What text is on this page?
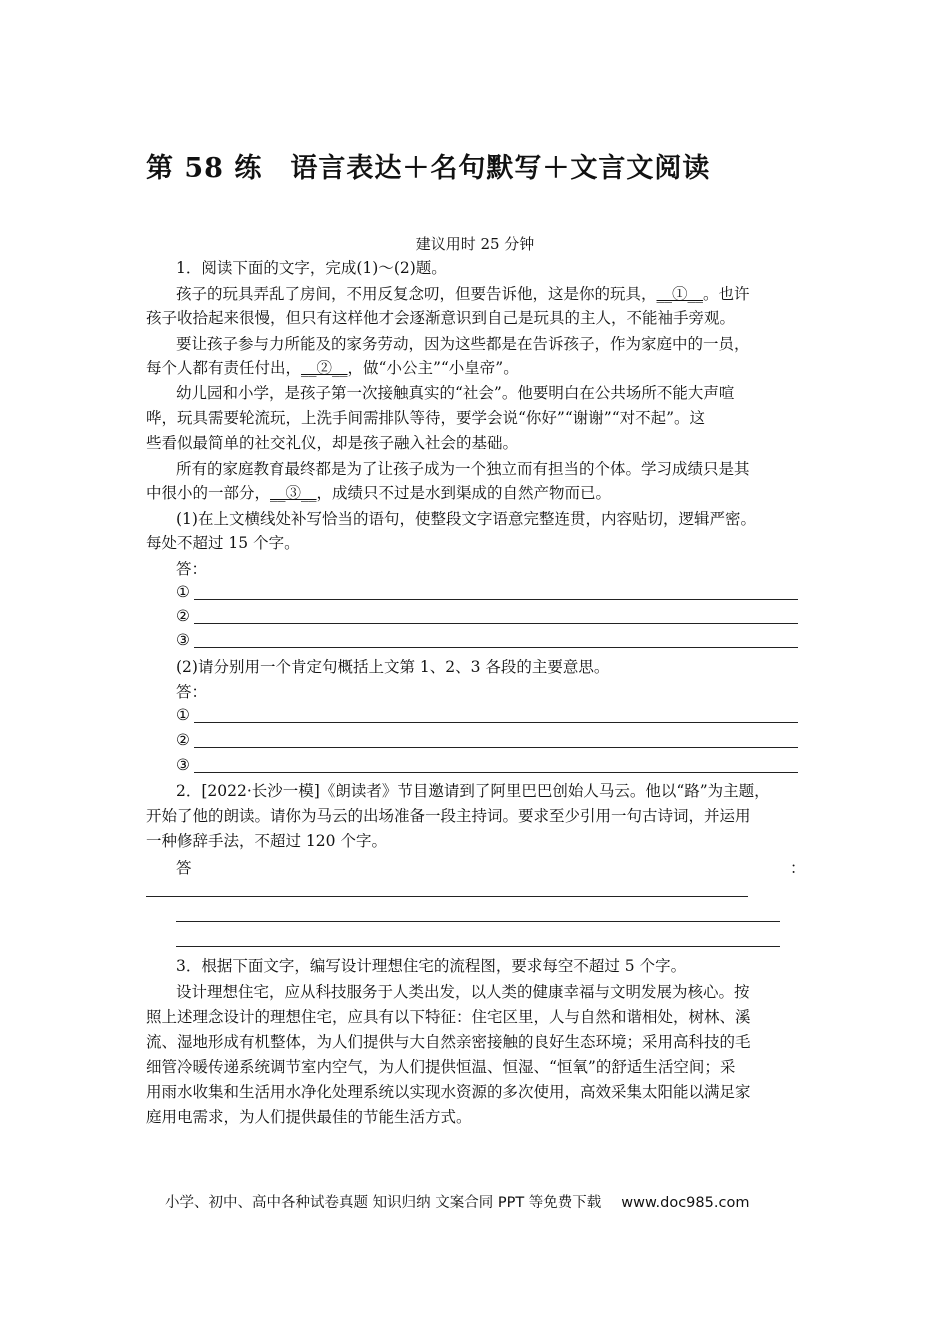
第 58 练　语言表达＋名句默写＋文言文阅读
建议用时 25 分钟
1．阅读下面的文字，完成(1)～(2)题。
孩子的玩具弄乱了房间，不用反复念叨，但要告诉他，这是你的玩具，__①__。也许
孩子收拾起来很慢，但只有这样他才会逐渐意识到自己是玩具的主人，不能袖手旁观。
要让孩子参与力所能及的家务劳动，因为这些都是在告诉孩子，作为家庭中的一员，
每个人都有责任付出，__②__，做“小公主”“小皇帝”。
幼儿园和小学，是孩子第一次接触真实的“社会”。他要明白在公共场所不能大声喧
哗，玩具需要轮流玩，上洗手间需排队等待，要学会说“你好”“谢谢”“对不起”。这
些看似最简单的社交礼仪，却是孩子融入社会的基础。
所有的家庭教育最终都是为了让孩子成为一个独立而有担当的个体。学习成绩只是其
中很小的一部分，__③__，成绩只不过是水到渠成的自然产物而已。
(1)在上文横线处补写恰当的语句，使整段文字语意完整连贯，内容贴切，逻辑严密。
每处不超过 15 个字。
答：
①
②
③
(2)请分别用一个肯定句概括上文第 1、2、3 各段的主要意思。
答：
①
②
③
2．[2022·长沙一模]《朗读者》节目邀请到了阿里巴巴创始人马云。他以“路”为主题，
开始了他的朗读。请你为马云的出场准备一段主持词。要求至少引用一句古诗词，并运用
一种修辞手法，不超过 120 个字。
答	：
3．根据下面文字，编写设计理想住宅的流程图，要求每空不超过 5 个字。
设计理想住宅，应从科技服务于人类出发，以人类的健康幸福与文明发展为核心。按
照上述理念设计的理想住宅，应具有以下特征：住宅区里，人与自然和谐相处，树林、溪
流、湿地形成有机整体，为人们提供与大自然亲密接触的良好生态环境；采用高科技的毛
细管冷暖传递系统调节室内空气，为人们提供恒温、恒湿、“恒氧”的舒适生活空间；采
用雨水收集和生活用水净化处理系统以实现水资源的多次使用，高效采集太阳能以满足家
庭用电需求，为人们提供最佳的节能生活方式。
小学、初中、高中各种试卷真题 知识归纳 文案合同 PPT 等免费下载 www.doc985.com
